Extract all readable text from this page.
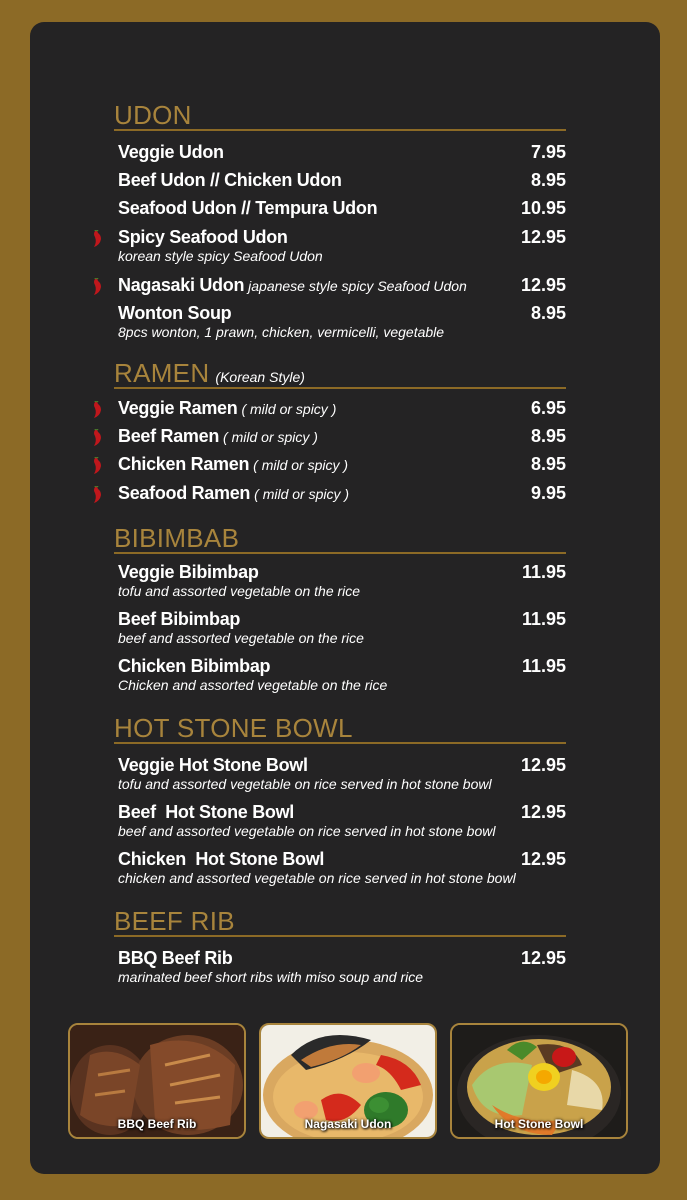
UDON
Veggie Udon	7.95
Beef Udon // Chicken Udon	8.95
Seafood Udon // Tempura Udon	10.95
Spicy Seafood Udon	12.95
korean style spicy Seafood Udon
Nagasaki Udon japanese style spicy Seafood Udon	12.95
Wonton Soup	8.95
8pcs wonton, 1 prawn, chicken, vermicelli, vegetable
RAMEN (Korean Style)
Veggie Ramen ( mild or spicy )	6.95
Beef Ramen ( mild or spicy )	8.95
Chicken Ramen ( mild or spicy )	8.95
Seafood Ramen ( mild or spicy )	9.95
BIBIMBAB
Veggie Bibimbap	11.95
tofu and assorted vegetable on the rice
Beef Bibimbap	11.95
beef and assorted vegetable on the rice
Chicken Bibimbap	11.95
Chicken and assorted vegetable on the rice
HOT STONE BOWL
Veggie Hot Stone Bowl	12.95
tofu and assorted vegetable on rice served in hot stone bowl
Beef  Hot Stone Bowl	12.95
beef and assorted vegetable on rice served in hot stone bowl
Chicken  Hot Stone Bowl	12.95
chicken and assorted vegetable on rice served in hot stone bowl
BEEF RIB
BBQ Beef Rib	12.95
marinated beef short ribs with miso soup and rice
BBQ Beef Rib	Nagasaki Udon	Hot Stone Bowl
